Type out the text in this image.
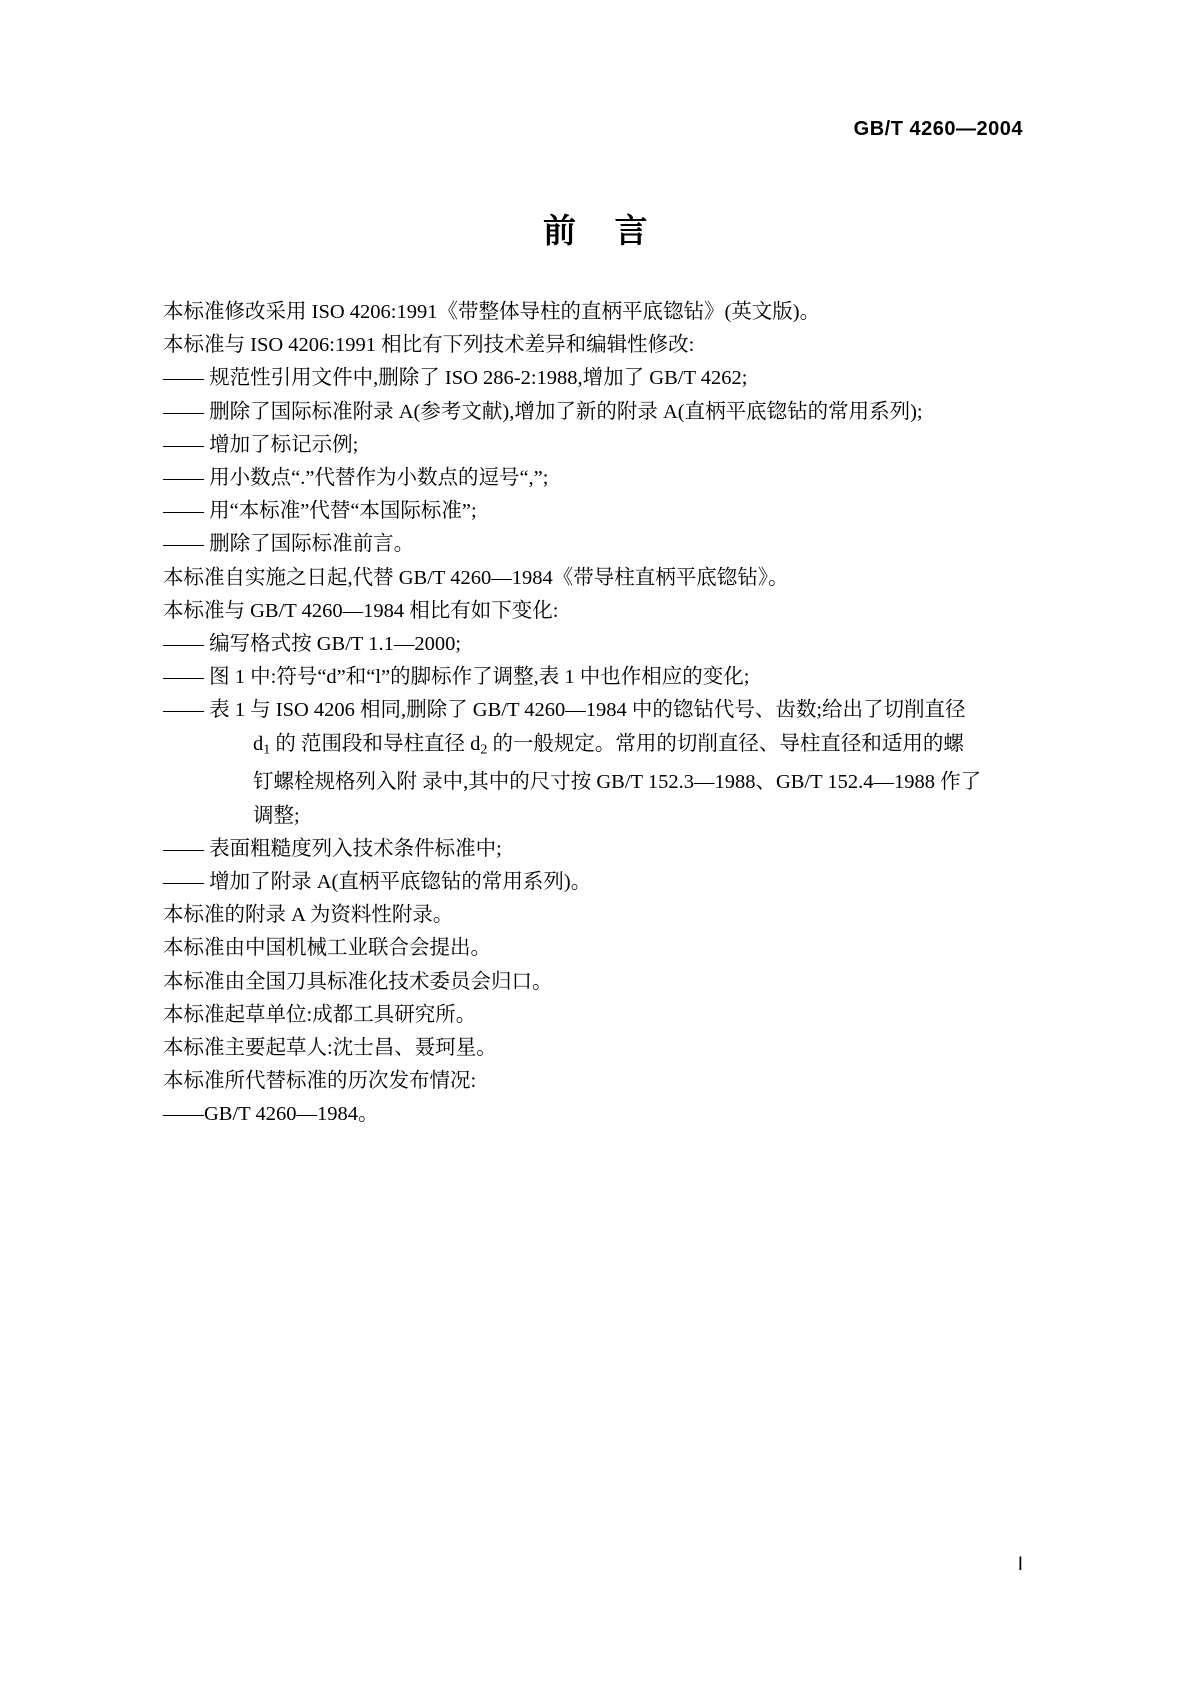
GB/T 4260—2004
前 言
本标准修改采用 ISO 4206:1991《带整体导柱的直柄平底锪钻》(英文版)。
本标准与 ISO 4206:1991 相比有下列技术差异和编辑性修改:
—— 规范性引用文件中,删除了 ISO 286-2:1988,增加了 GB/T 4262;
—— 删除了国际标准附录 A(参考文献),增加了新的附录 A(直柄平底锪钻的常用系列);
—— 增加了标记示例;
—— 用小数点“.”代替作为小数点的逗号“,”;
—— 用“本标准”代替“本国际标准”;
—— 删除了国际标准前言。
本标准自实施之日起,代替 GB/T 4260—1984《带导柱直柄平底锪钻》。
本标准与 GB/T 4260—1984 相比有如下变化:
—— 编写格式按 GB/T 1.1—2000;
—— 图 1 中:符号“d”和“l”的脚标作了调整,表 1 中也作相应的变化;
—— 表 1 与 ISO 4206 相同,删除了 GB/T 4260—1984 中的锪钻代号、齿数;给出了切削直径 $d_1$ 的 范围段和导柱直径 $d_2$ 的一般规定。常用的切削直径、导柱直径和适用的螺钉螺栓规格列入附 录中,其中的尺寸按 GB/T 152.3—1988、GB/T 152.4—1988 作了调整;
—— 表面粗糙度列入技术条件标准中;
—— 增加了附录 A(直柄平底锪钻的常用系列)。
本标准的附录 A 为资料性附录。
本标准由中国机械工业联合会提出。
本标准由全国刀具标准化技术委员会归口。
本标准起草单位:成都工具研究所。
本标准主要起草人:沈士昌、聂珂星。
本标准所代替标准的历次发布情况:
——GB/T 4260—1984。
I
